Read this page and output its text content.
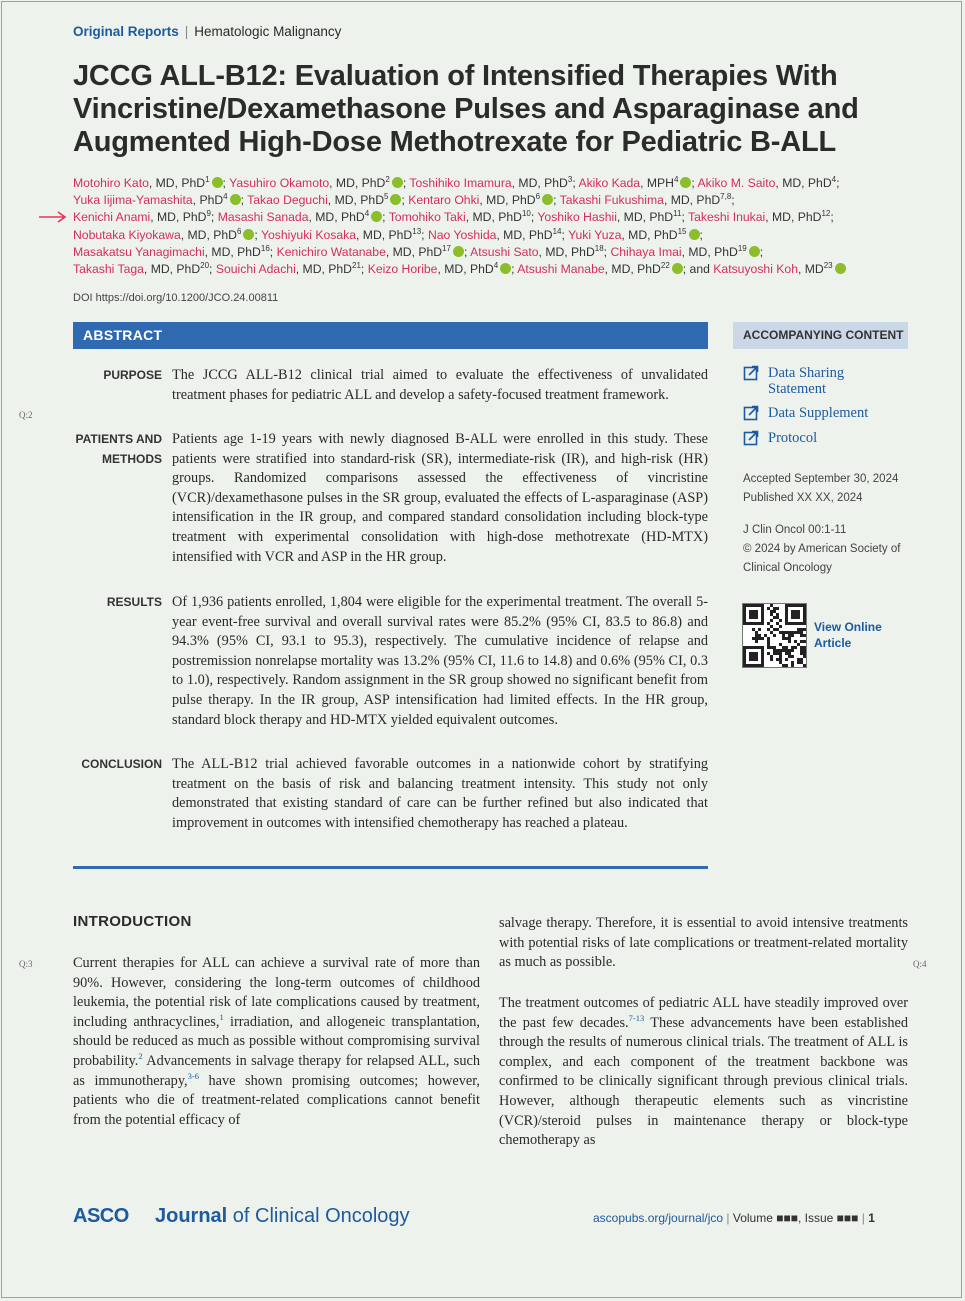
Original Reports | Hematologic Malignancy
JCCG ALL-B12: Evaluation of Intensified Therapies With Vincristine/Dexamethasone Pulses and Asparaginase and Augmented High-Dose Methotrexate for Pediatric B-ALL
Motohiro Kato, MD, PhD$^1$ ; Yasuhiro Okamoto, MD, PhD$^2$ ; Toshihiko Imamura, MD, PhD$^3$; Akiko Kada, MPH$^4$ ; Akiko M. Saito, MD, PhD$^4$;
Yuka Iijima-Yamashita, PhD$^4$ ; Takao Deguchi, MD, PhD$^5$ ; Kentaro Ohki, MD, PhD$^6$ ; Takashi Fukushima, MD, PhD$^{7,8}$;
Kenichi Anami, MD, PhD$^9$; Masashi Sanada, MD, PhD$^4$ ; Tomohiko Taki, MD, PhD$^{10}$; Yoshiko Hashii, MD, PhD$^{11}$; Takeshi Inukai, MD, PhD$^{12}$;
Nobutaka Kiyokawa, MD, PhD$^6$ ; Yoshiyuki Kosaka, MD, PhD$^{13}$; Nao Yoshida, MD, PhD$^{14}$; Yuki Yuza, MD, PhD$^{15}$ ;
Masakatsu Yanagimachi, MD, PhD$^{16}$; Kenichiro Watanabe, MD, PhD$^{17}$ ; Atsushi Sato, MD, PhD$^{18}$; Chihaya Imai, MD, PhD$^{19}$ ;
Takashi Taga, MD, PhD$^{20}$; Souichi Adachi, MD, PhD$^{21}$; Keizo Horibe, MD, PhD$^4$ ; Atsushi Manabe, MD, PhD$^{22}$ ; and Katsuyoshi Koh, MD$^{23}$
DOI https://doi.org/10.1200/JCO.24.00811
ABSTRACT
PURPOSE The JCCG ALL-B12 clinical trial aimed to evaluate the effectiveness of unvalidated treatment phases for pediatric ALL and develop a safety-focused treatment framework.
PATIENTS AND
METHODS
Patients age 1-19 years with newly diagnosed B-ALL were enrolled in this study. These patients were stratified into standard-risk (SR), intermediate-risk (IR), and high-risk (HR) groups. Randomized comparisons assessed the effectiveness of vincristine (VCR)/dexamethasone pulses in the SR group, evaluated the effects of L-asparaginase (ASP) intensification in the IR group, and compared standard consolidation including block-type treatment with experimental consolidation with high-dose methotrexate (HD-MTX) intensified with VCR and ASP in the HR group.
RESULTS Of 1,936 patients enrolled, 1,804 were eligible for the experimental treatment. The overall 5-year event-free survival and overall survival rates were 85.2% (95% CI, 83.5 to 86.8) and 94.3% (95% CI, 93.1 to 95.3), respectively. The cumulative incidence of relapse and postremission nonrelapse mortality was 13.2% (95% CI, 11.6 to 14.8) and 0.6% (95% CI, 0.3 to 1.0), respectively. Random assignment in the SR group showed no significant benefit from pulse therapy. In the IR group, ASP intensification had limited effects. In the HR group, standard block therapy and HD-MTX yielded equivalent outcomes.
CONCLUSION The ALL-B12 trial achieved favorable outcomes in a nationwide cohort by stratifying treatment on the basis of risk and balancing treatment intensity. This study not only demonstrated that existing standard of care can be further refined but also indicated that improvement in outcomes with intensified chemotherapy has reached a plateau.
ACCOMPANYING CONTENT
Data Sharing
Statement
Data Supplement
Protocol
Accepted September 30, 2024
Published XX XX, 2024
J Clin Oncol 00:1-11
© 2024 by American Society of
Clinical Oncology
View Online
Article
Q:2
Q:3	Q:4
INTRODUCTION
Current therapies for ALL can achieve a survival rate of more than 90%. However, considering the long-term outcomes of childhood leukemia, the potential risk of late complications caused by treatment, including anthracyclines,$^1$ irradiation, and allogeneic transplantation, should be reduced as much as possible without compromising survival probability.$^2$ Advancements in salvage therapy for relapsed ALL, such as immunotherapy,$^{3-6}$ have shown promising outcomes; however, patients who die of treatment-related complications cannot benefit from the potential efficacy of
salvage therapy. Therefore, it is essential to avoid intensive treatments with potential risks of late complications or treatment-related mortality as much as possible.
The treatment outcomes of pediatric ALL have steadily improved over the past few decades.$^{7-13}$ These advancements have been established through the results of numerous clinical trials. The treatment of ALL is complex, and each component of the treatment backbone was confirmed to be clinically significant through previous clinical trials. However, although therapeutic elements such as vincristine (VCR)/steroid pulses in maintenance therapy or block-type chemotherapy as
ASCO Journal of Clinical Oncology	ascopubs.org/journal/jco | Volume ■■■, Issue ■■■ | 1
